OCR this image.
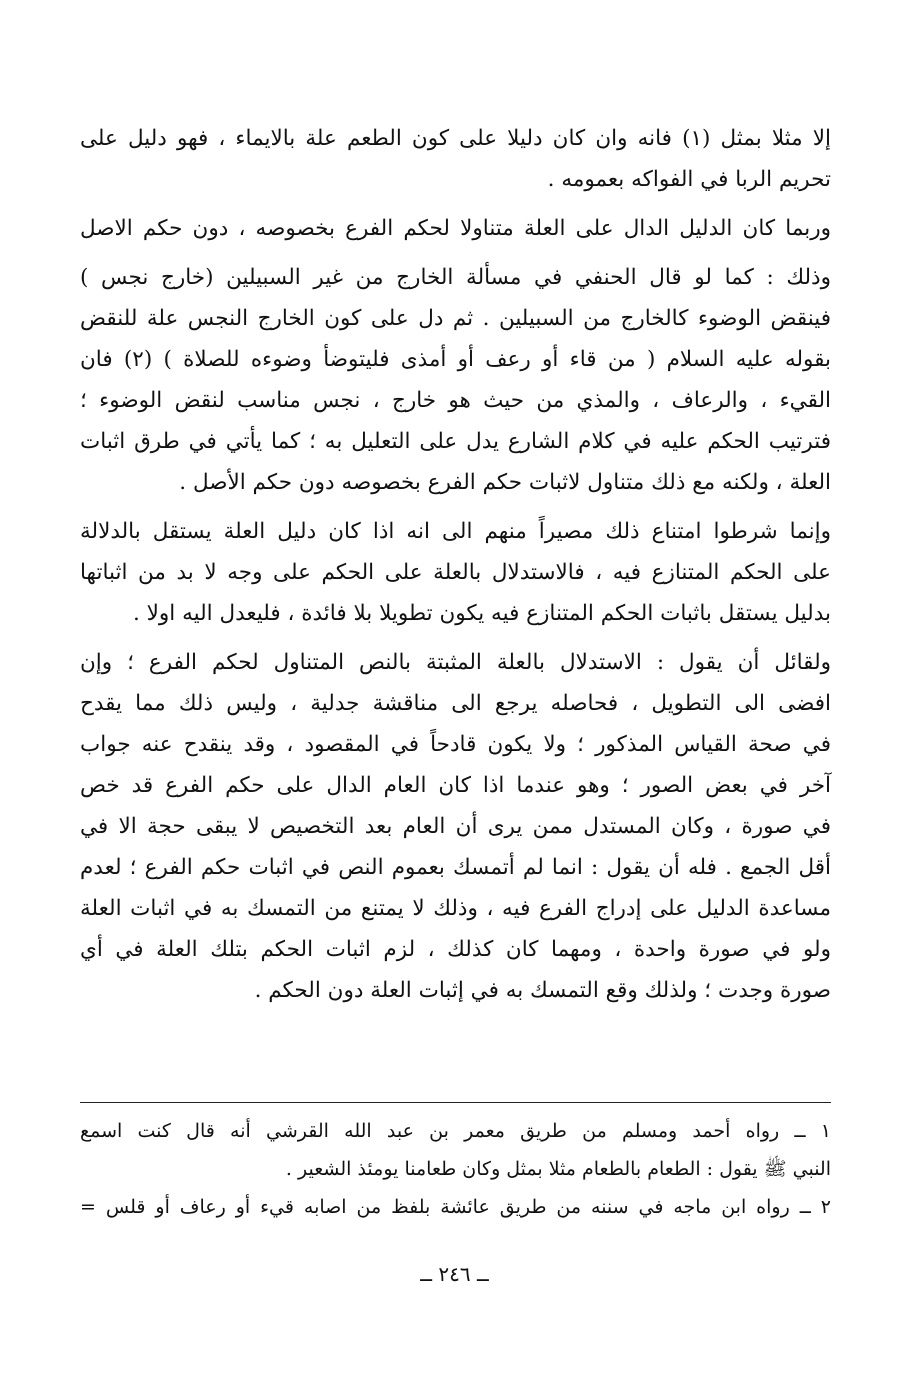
إلا مثلا بمثل (١) فانه وان كان دليلا على كون الطعم علة بالايماء ، فهو دليل على
تحريم الربا في الفواكه بعمومه .

وربما كان الدليل الدال على العلة متناولا لحكم الفرع بخصوصه ، دون حكم الاصل

وذلك : كما لو قال الحنفي في مسألة الخارج من غير السبيلين (خارج نجس )
فينقض الوضوء كالخارج من السبيلين . ثم دل على كون الخارج النجس علة للنقض
بقوله عليه السلام ( من قاء أو رعف أو أمذى فليتوضأ وضوءه للصلاة ) (٢) فان
القيء ، والرعاف ، والمذي من حيث هو خارج ، نجس مناسب لنقض الوضوء ؛
فترتيب الحكم عليه في كلام الشارع يدل على التعليل به ؛ كما يأتي في طرق اثبات
العلة ، ولكنه مع ذلك متناول لاثبات حكم الفرع بخصوصه دون حكم الأصل .

وإنما شرطوا امتناع ذلك مصيراً منهم الى انه اذا كان دليل العلة يستقل بالدلالة
على الحكم المتنازع فيه ، فالاستدلال بالعلة على الحكم على وجه لا بد من اثباتها
بدليل يستقل باثبات الحكم المتنازع فيه يكون تطويلا بلا فائدة ، فليعدل اليه اولا .

ولقائل أن يقول : الاستدلال بالعلة المثبتة بالنص المتناول لحكم الفرع ؛ وإن
افضى الى التطويل ، فحاصله يرجع الى مناقشة جدلية ، وليس ذلك مما يقدح
في صحة القياس المذكور ؛ ولا يكون قادحاً في المقصود ، وقد ينقدح عنه جواب
آخر في بعض الصور ؛ وهو عندما اذا كان العام الدال على حكم الفرع قد خص
في صورة ، وكان المستدل ممن يرى أن العام بعد التخصيص لا يبقى حجة الا في
أقل الجمع . فله أن يقول : انما لم أتمسك بعموم النص في اثبات حكم الفرع ؛ لعدم
مساعدة الدليل على إدراج الفرع فيه ، وذلك لا يمتنع من التمسك به في اثبات العلة
ولو في صورة واحدة ، ومهما كان كذلك ، لزم اثبات الحكم بتلك العلة في أي
صورة وجدت ؛ ولذلك وقع التمسك به في إثبات العلة دون الحكم .

١ ــ رواه أحمد ومسلم من طريق معمر بن عبد الله القرشي أنه قال كنت اسمع
النبي ﷺ يقول : الطعام بالطعام مثلا بمثل وكان طعامنا يومئذ الشعير .
٢ ــ رواه ابن ماجه في سننه من طريق عائشة بلفظ من اصابه قيء أو رعاف أو قلس =
ــ ٢٤٦ ــ
